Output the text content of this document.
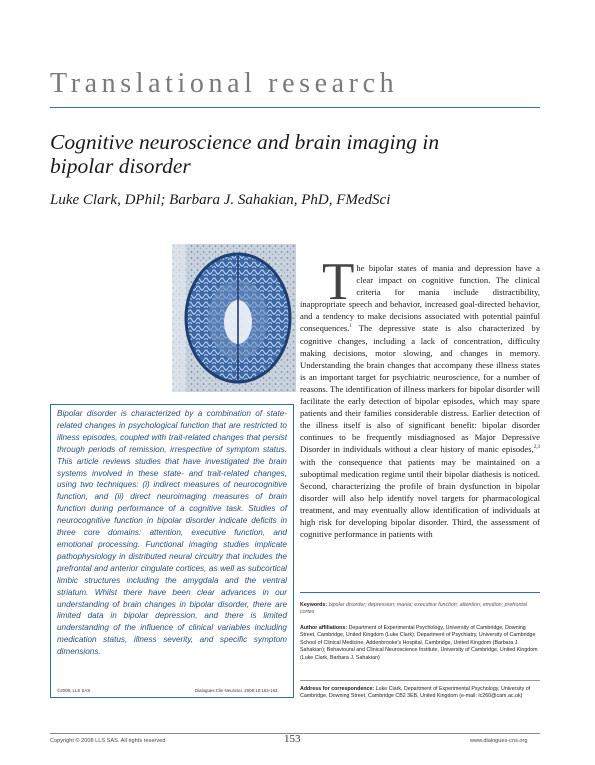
Translational research
Cognitive neuroscience and brain imaging in bipolar disorder
Luke Clark, DPhil; Barbara J. Sahakian, PhD, FMedSci
Bipolar disorder is characterized by a combination of state-related changes in psychological function that are restricted to illness episodes, coupled with trait-related changes that persist through periods of remission, irrespective of symptom status. This article reviews studies that have investigated the brain systems involved in these state- and trait-related changes, using two techniques: (i) indirect measures of neurocognitive function, and (ii) direct neuroimaging measures of brain function during performance of a cognitive task. Studies of neurocognitive function in bipolar disorder indicate deficits in three core domains: attention, executive function, and emotional processing. Functional imaging studies implicate pathophysiology in distributed neural circuitry that includes the prefrontal and anterior cingulate cortices, as well as subcortical limbic structures including the amygdala and the ventral striatum. Whilst there have been clear advances in our understanding of brain changes in bipolar disorder, there are limited data in bipolar depression, and there is limited understanding of the influence of clinical variables including medication status, illness severity, and specific symptom dimensions.
©2008, LLS SAS	Dialogues Clin Neurosci. 2008;10:153-163.
The bipolar states of mania and depression have a clear impact on cognitive function. The clinical criteria for mania include distractibility, inappropriate speech and behavior, increased goal-directed behavior, and a tendency to make decisions associated with potential painful consequences.$^1$ The depressive state is also characterized by cognitive changes, including a lack of concentration, difficulty making decisions, motor slowing, and changes in memory. Understanding the brain changes that accompany these illness states is an important target for psychiatric neuroscience, for a number of reasons. The identification of illness markers for bipolar disorder will facilitate the early detection of bipolar episodes, which may spare patients and their families considerable distress. Earlier detection of the illness itself is also of significant benefit: bipolar disorder continues to be frequently misdiagnosed as Major Depressive Disorder in individuals without a clear history of manic episodes,$^{2,3}$ with the consequence that patients may be maintained on a suboptimal medication regime until their bipolar diathesis is noticed. Second, characterizing the profile of brain dysfunction in bipolar disorder will also help identify novel targets for pharmacological treatment, and may eventually allow identification of individuals at high risk for developing bipolar disorder. Third, the assessment of cognitive performance in patients with
Keywords: bipolar disorder; depression; mania; executive function; attention; emotion; prefrontal cortex
Author affiliations: Department of Experimental Psychology, University of Cambridge, Downing Street, Cambridge, United Kingdom (Luke Clark); Department of Psychiatry, University of Cambridge School of Clinical Medicine, Addenbrooke's Hospital, Cambridge, United Kingdom (Barbara J. Sahakian); Behavioural and Clinical Neuroscience Institute, University of Cambridge, United Kingdom (Luke Clark, Barbara J. Sahakian)
Address for correspondence: Luke Clark, Department of Experimental Psychology, University of Cambridge, Downing Street, Cambridge CB2 3EB, United Kingdom (e-mail: lc260@cam.ac.uk)
Copyright © 2008 LLS SAS. All rights reserved	153	www.dialogues-cns.org
